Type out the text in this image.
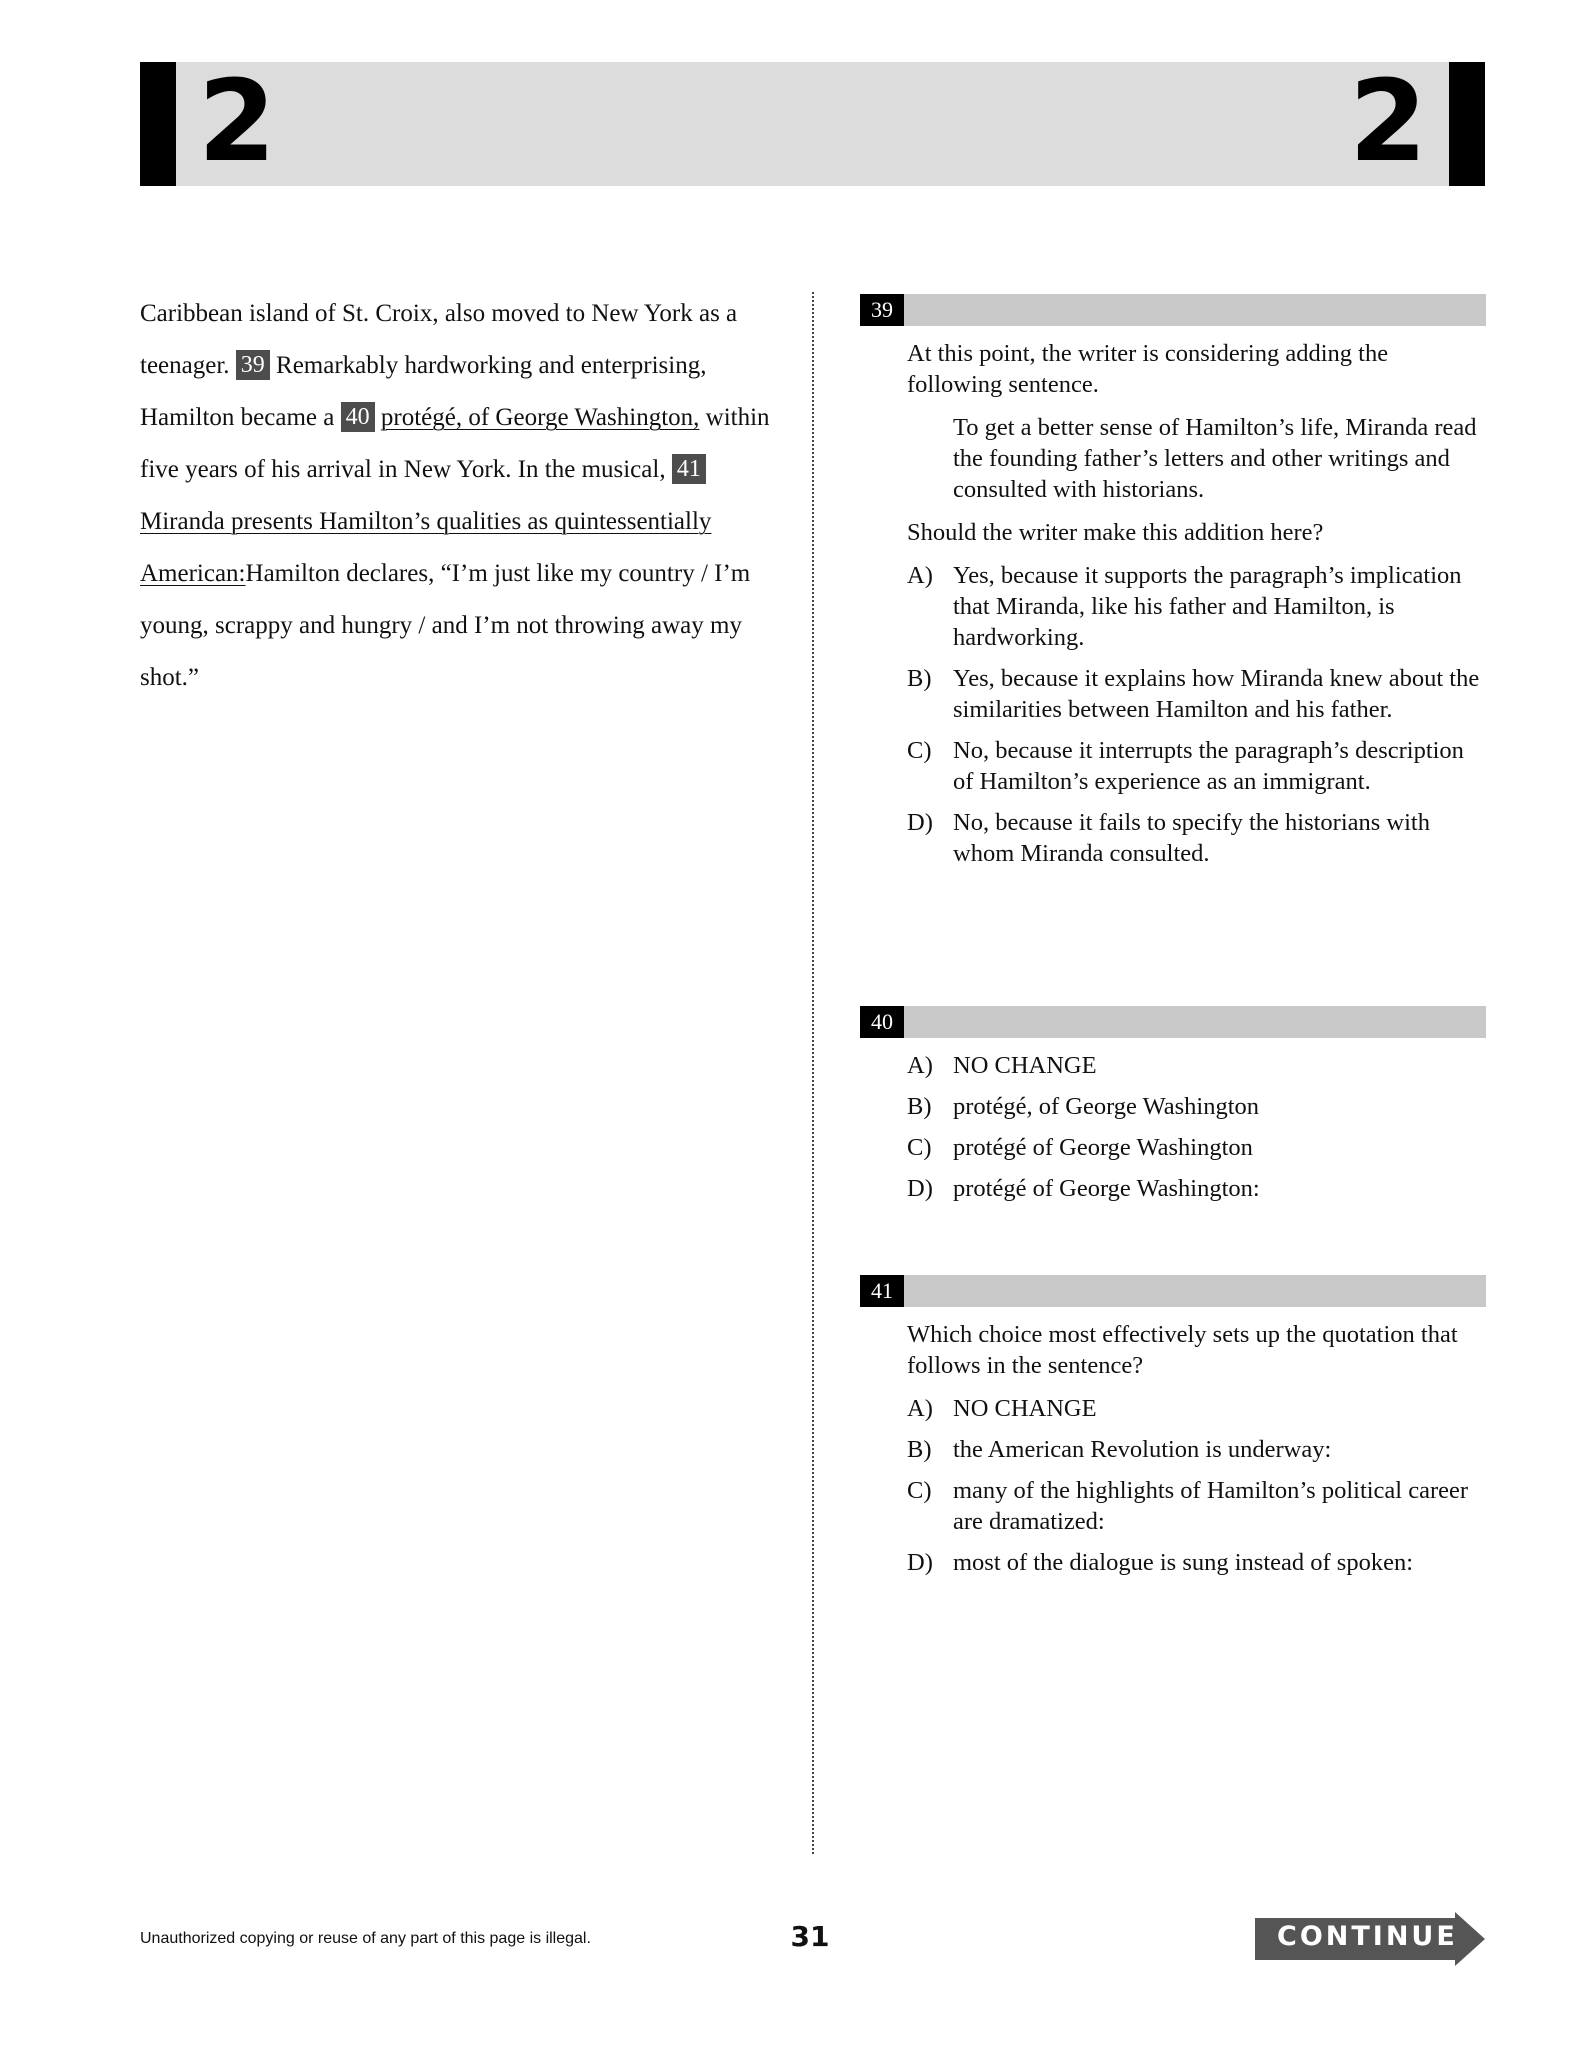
2	2
Caribbean island of St. Croix, also moved to New York as a teenager. 39 Remarkably hardworking and enterprising, Hamilton became a 40 protégé, of George Washington, within five years of his arrival in New York. In the musical, 41 Miranda presents Hamilton’s qualities as quintessentially American:Hamilton declares, “I’m just like my country / I’m young, scrappy and hungry / and I’m not throwing away my shot.”
39

At this point, the writer is considering adding the following sentence.

To get a better sense of Hamilton’s life, Miranda read the founding father’s letters and other writings and consulted with historians.

Should the writer make this addition here?

A) Yes, because it supports the paragraph’s implication that Miranda, like his father and Hamilton, is hardworking.
B) Yes, because it explains how Miranda knew about the similarities between Hamilton and his father.
C) No, because it interrupts the paragraph’s description of Hamilton’s experience as an immigrant.
D) No, because it fails to specify the historians with whom Miranda consulted.
40
A) NO CHANGE
B) protégé, of George Washington
C) protégé of George Washington
D) protégé of George Washington:
41

Which choice most effectively sets up the quotation that follows in the sentence?

A) NO CHANGE
B) the American Revolution is underway:
C) many of the highlights of Hamilton’s political career are dramatized:
D) most of the dialogue is sung instead of spoken:
Unauthorized copying or reuse of any part of this page is illegal.	31	CONTINUE
